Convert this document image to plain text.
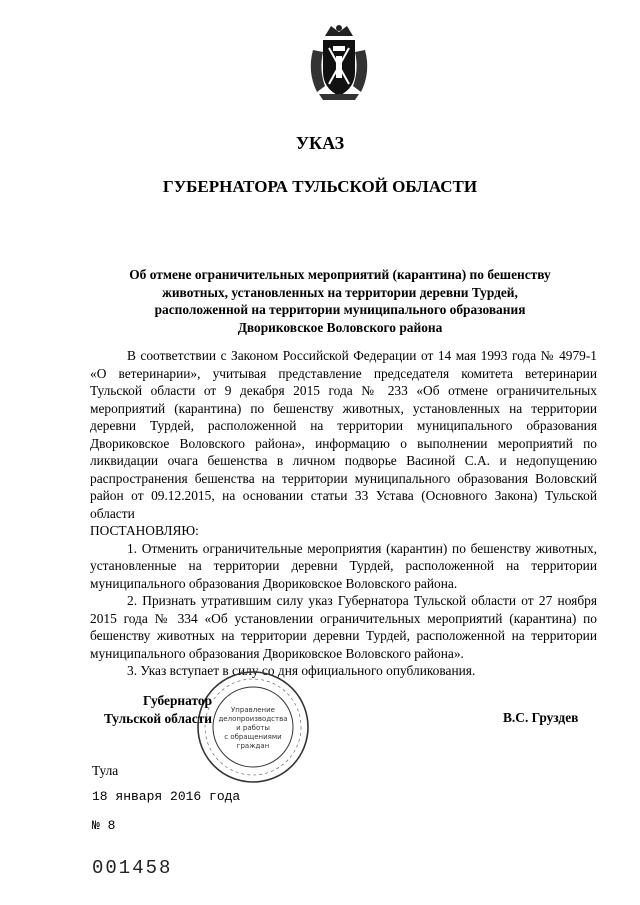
УКАЗ
ГУБЕРНАТОРА ТУЛЬСКОЙ ОБЛАСТИ
Об отмене ограничительных мероприятий (карантина) по бешенству
животных, установленных на территории деревни Турдей,
расположенной на территории муниципального образования
Двориковское Воловского района

В соответствии с Законом Российской Федерации от 14 мая 1993 года № 4979-1 «О ветеринарии», учитывая представление председателя комитета ветеринарии Тульской области от 9 декабря 2015 года № 233 «Об отмене ограничительных мероприятий (карантина) по бешенству животных, установленных на территории деревни Турдей, расположенной на территории муниципального образования Двориковское Воловского района», информацию о выполнении мероприятий по ликвидации очага бешенства в личном подворье Васиной С.А. и недопущению распространения бешенства на территории муниципального образования Воловский район от 09.12.2015, на основании статьи 33 Устава (Основного Закона) Тульской области

ПОСТАНОВЛЯЮ:

1. Отменить ограничительные мероприятия (карантин) по бешенству животных, установленные на территории деревни Турдей, расположенной на территории муниципального образования Двориковское Воловского района.

2. Признать утратившим силу указ Губернатора Тульской области от 27 ноября 2015 года № 334 «Об установлении ограничительных мероприятий (карантина) по бешенству животных на территории деревни Турдей, расположенной на территории муниципального образования Двориковское Воловского района».

3. Указ вступает в силу со дня официального опубликования.

Управление
делопроизводства
и работы
с обращениями
граждан
Губернатор
Тульской области	В.С. Груздев
Тула
18 января 2016 года
№ 8
001458
